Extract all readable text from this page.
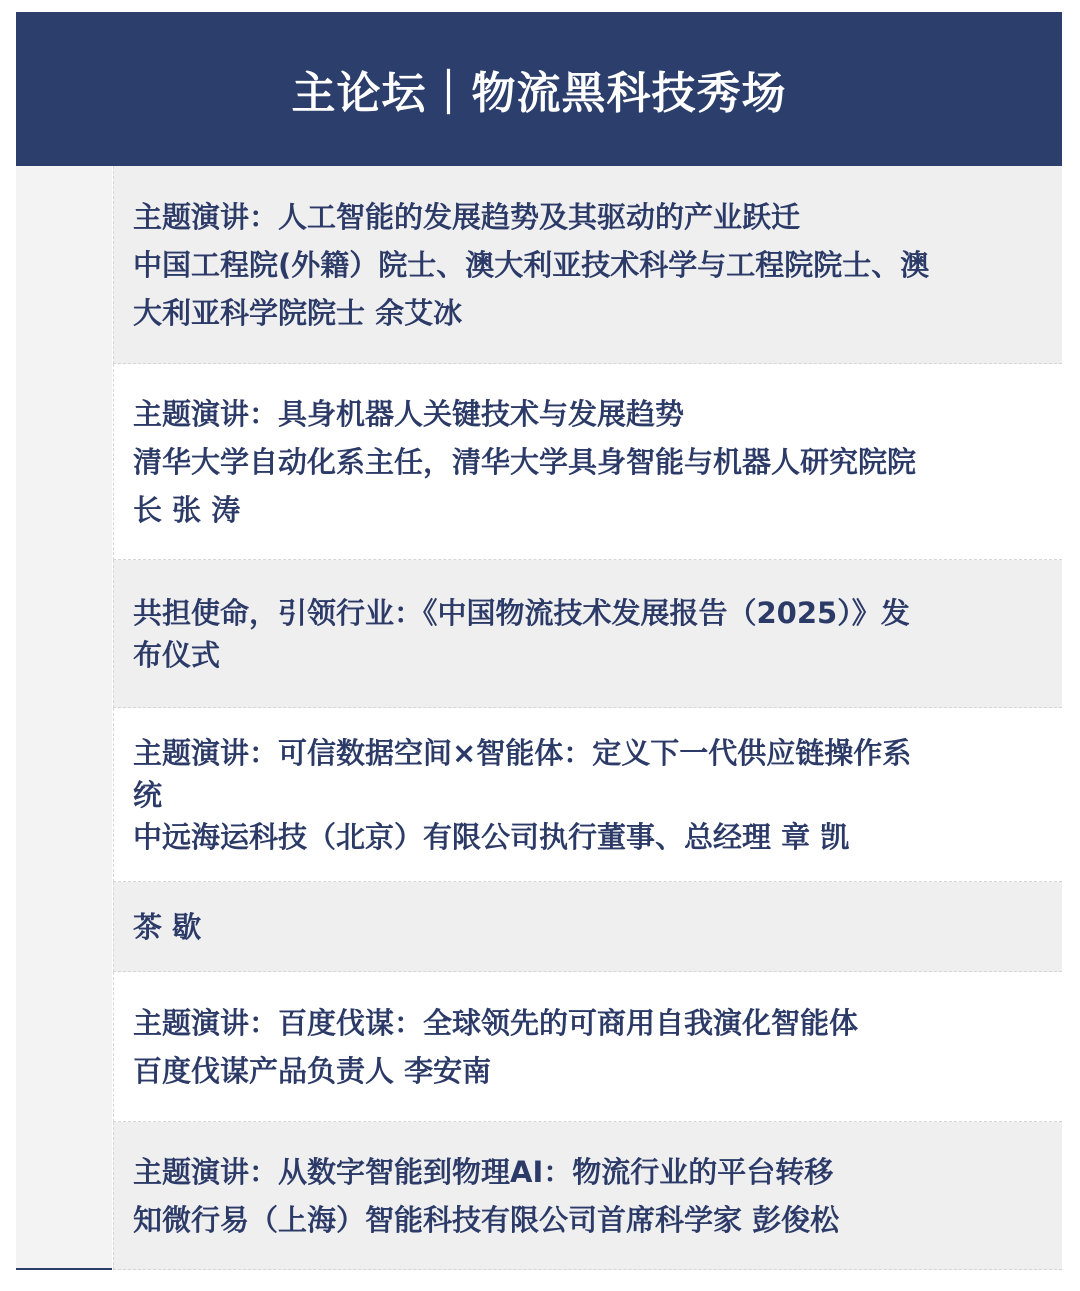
主论坛｜物流黑科技秀场
主题演讲：人工智能的发展趋势及其驱动的产业跃迁
中国工程院(外籍）院士、澳大利亚技术科学与工程院院士、澳
大利亚科学院院士 余艾冰
主题演讲：具身机器人关键技术与发展趋势
清华大学自动化系主任，清华大学具身智能与机器人研究院院
长 张 涛
共担使命，引领行业：《中国物流技术发展报告（2025）》发
布仪式
主题演讲：可信数据空间×智能体：定义下一代供应链操作系
统
中远海运科技（北京）有限公司执行董事、总经理 章 凯
茶 歇
主题演讲：百度伐谋：全球领先的可商用自我演化智能体
百度伐谋产品负责人 李安南
主题演讲：从数字智能到物理AI：物流行业的平台转移
知微行易（上海）智能科技有限公司首席科学家 彭俊松
